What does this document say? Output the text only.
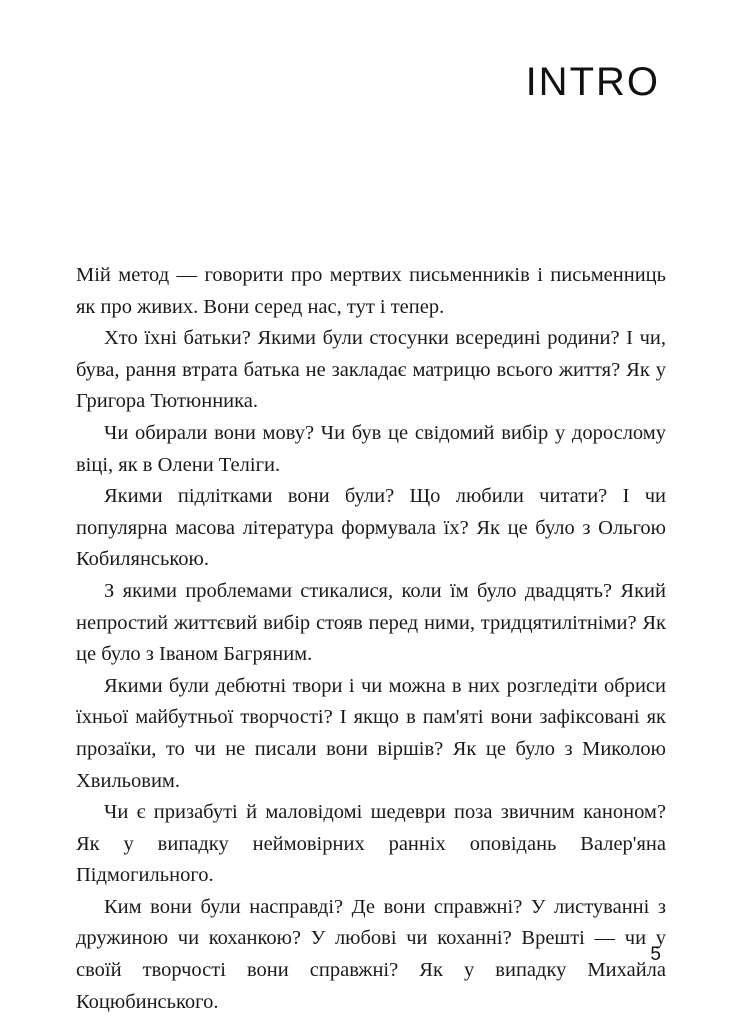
INTRO

Мій метод — говорити про мертвих письменників і письменниць як про живих. Вони серед нас, тут і тепер.

Хто їхні батьки? Якими були стосунки всередині родини? І чи, бува, рання втрата батька не закладає матрицю всього життя? Як у Григора Тютюнника.

Чи обирали вони мову? Чи був це свідомий вибір у дорослому віці, як в Олени Теліги.

Якими підлітками вони були? Що любили читати? І чи популярна масова література формувала їх? Як це було з Ольгою Кобилянською.

З якими проблемами стикалися, коли їм було двадцять? Який непростий життєвий вибір стояв перед ними, тридцятилітніми? Як це було з Іваном Багряним.

Якими були дебютні твори і чи можна в них розгледіти обриси їхньої майбутньої творчості? І якщо в пам'яті вони зафіксовані як прозаїки, то чи не писали вони віршів? Як це було з Миколою Хвильовим.

Чи є призабуті й маловідомі шедеври поза звичним каноном? Як у випадку неймовірних ранніх оповідань Валер'яна Підмогильного.

Ким вони були насправді? Де вони справжні? У листуванні з дружиною чи коханкою? У любові чи коханні? Врешті — чи у своїй творчості вони справжні? Як у випадку Михайла Коцюбинського.

5
